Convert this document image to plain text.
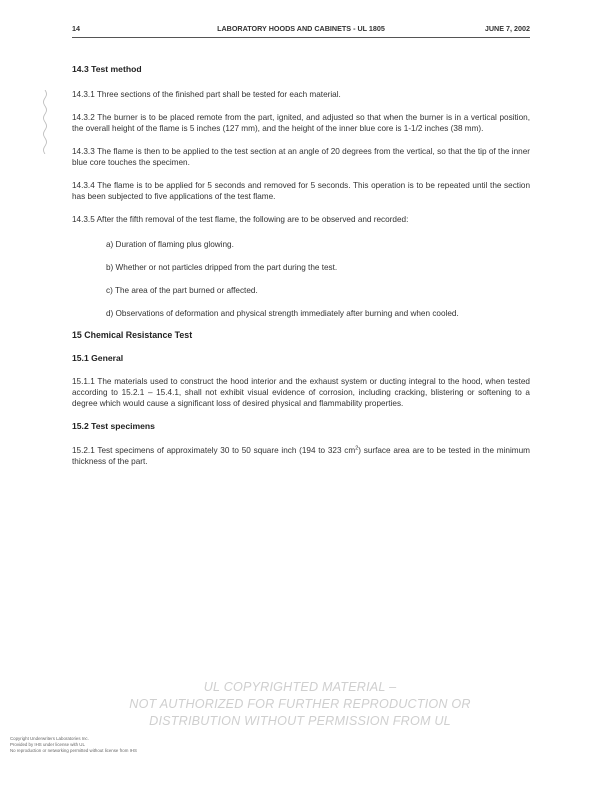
14	LABORATORY HOODS AND CABINETS - UL 1805	JUNE 7, 2002

14.3 Test method

14.3.1 Three sections of the finished part shall be tested for each material.

14.3.2 The burner is to be placed remote from the part, ignited, and adjusted so that when the burner is in a vertical position, the overall height of the flame is 5 inches (127 mm), and the height of the inner blue core is 1-1/2 inches (38 mm).

14.3.3 The flame is then to be applied to the test section at an angle of 20 degrees from the vertical, so that the tip of the inner blue core touches the specimen.

14.3.4 The flame is to be applied for 5 seconds and removed for 5 seconds. This operation is to be repeated until the section has been subjected to five applications of the test flame.

14.3.5 After the fifth removal of the test flame, the following are to be observed and recorded:

a) Duration of flaming plus glowing.

b) Whether or not particles dripped from the part during the test.

c) The area of the part burned or affected.

d) Observations of deformation and physical strength immediately after burning and when cooled.

15 Chemical Resistance Test

15.1 General

15.1.1 The materials used to construct the hood interior and the exhaust system or ducting integral to the hood, when tested according to 15.2.1 – 15.4.1, shall not exhibit visual evidence of corrosion, including cracking, blistering or softening to a degree which would cause a significant loss of desired physical and flammability properties.

15.2 Test specimens

15.2.1 Test specimens of approximately 30 to 50 square inch (194 to 323 $cm^2$) surface area are to be tested in the minimum thickness of the part.

UL COPYRIGHTED MATERIAL –
NOT AUTHORIZED FOR FURTHER REPRODUCTION OR
DISTRIBUTION WITHOUT PERMISSION FROM UL
Copyright Underwriters Laboratories Inc.
Provided by IHS under license with UL
No reproduction or networking permitted without license from IHS
